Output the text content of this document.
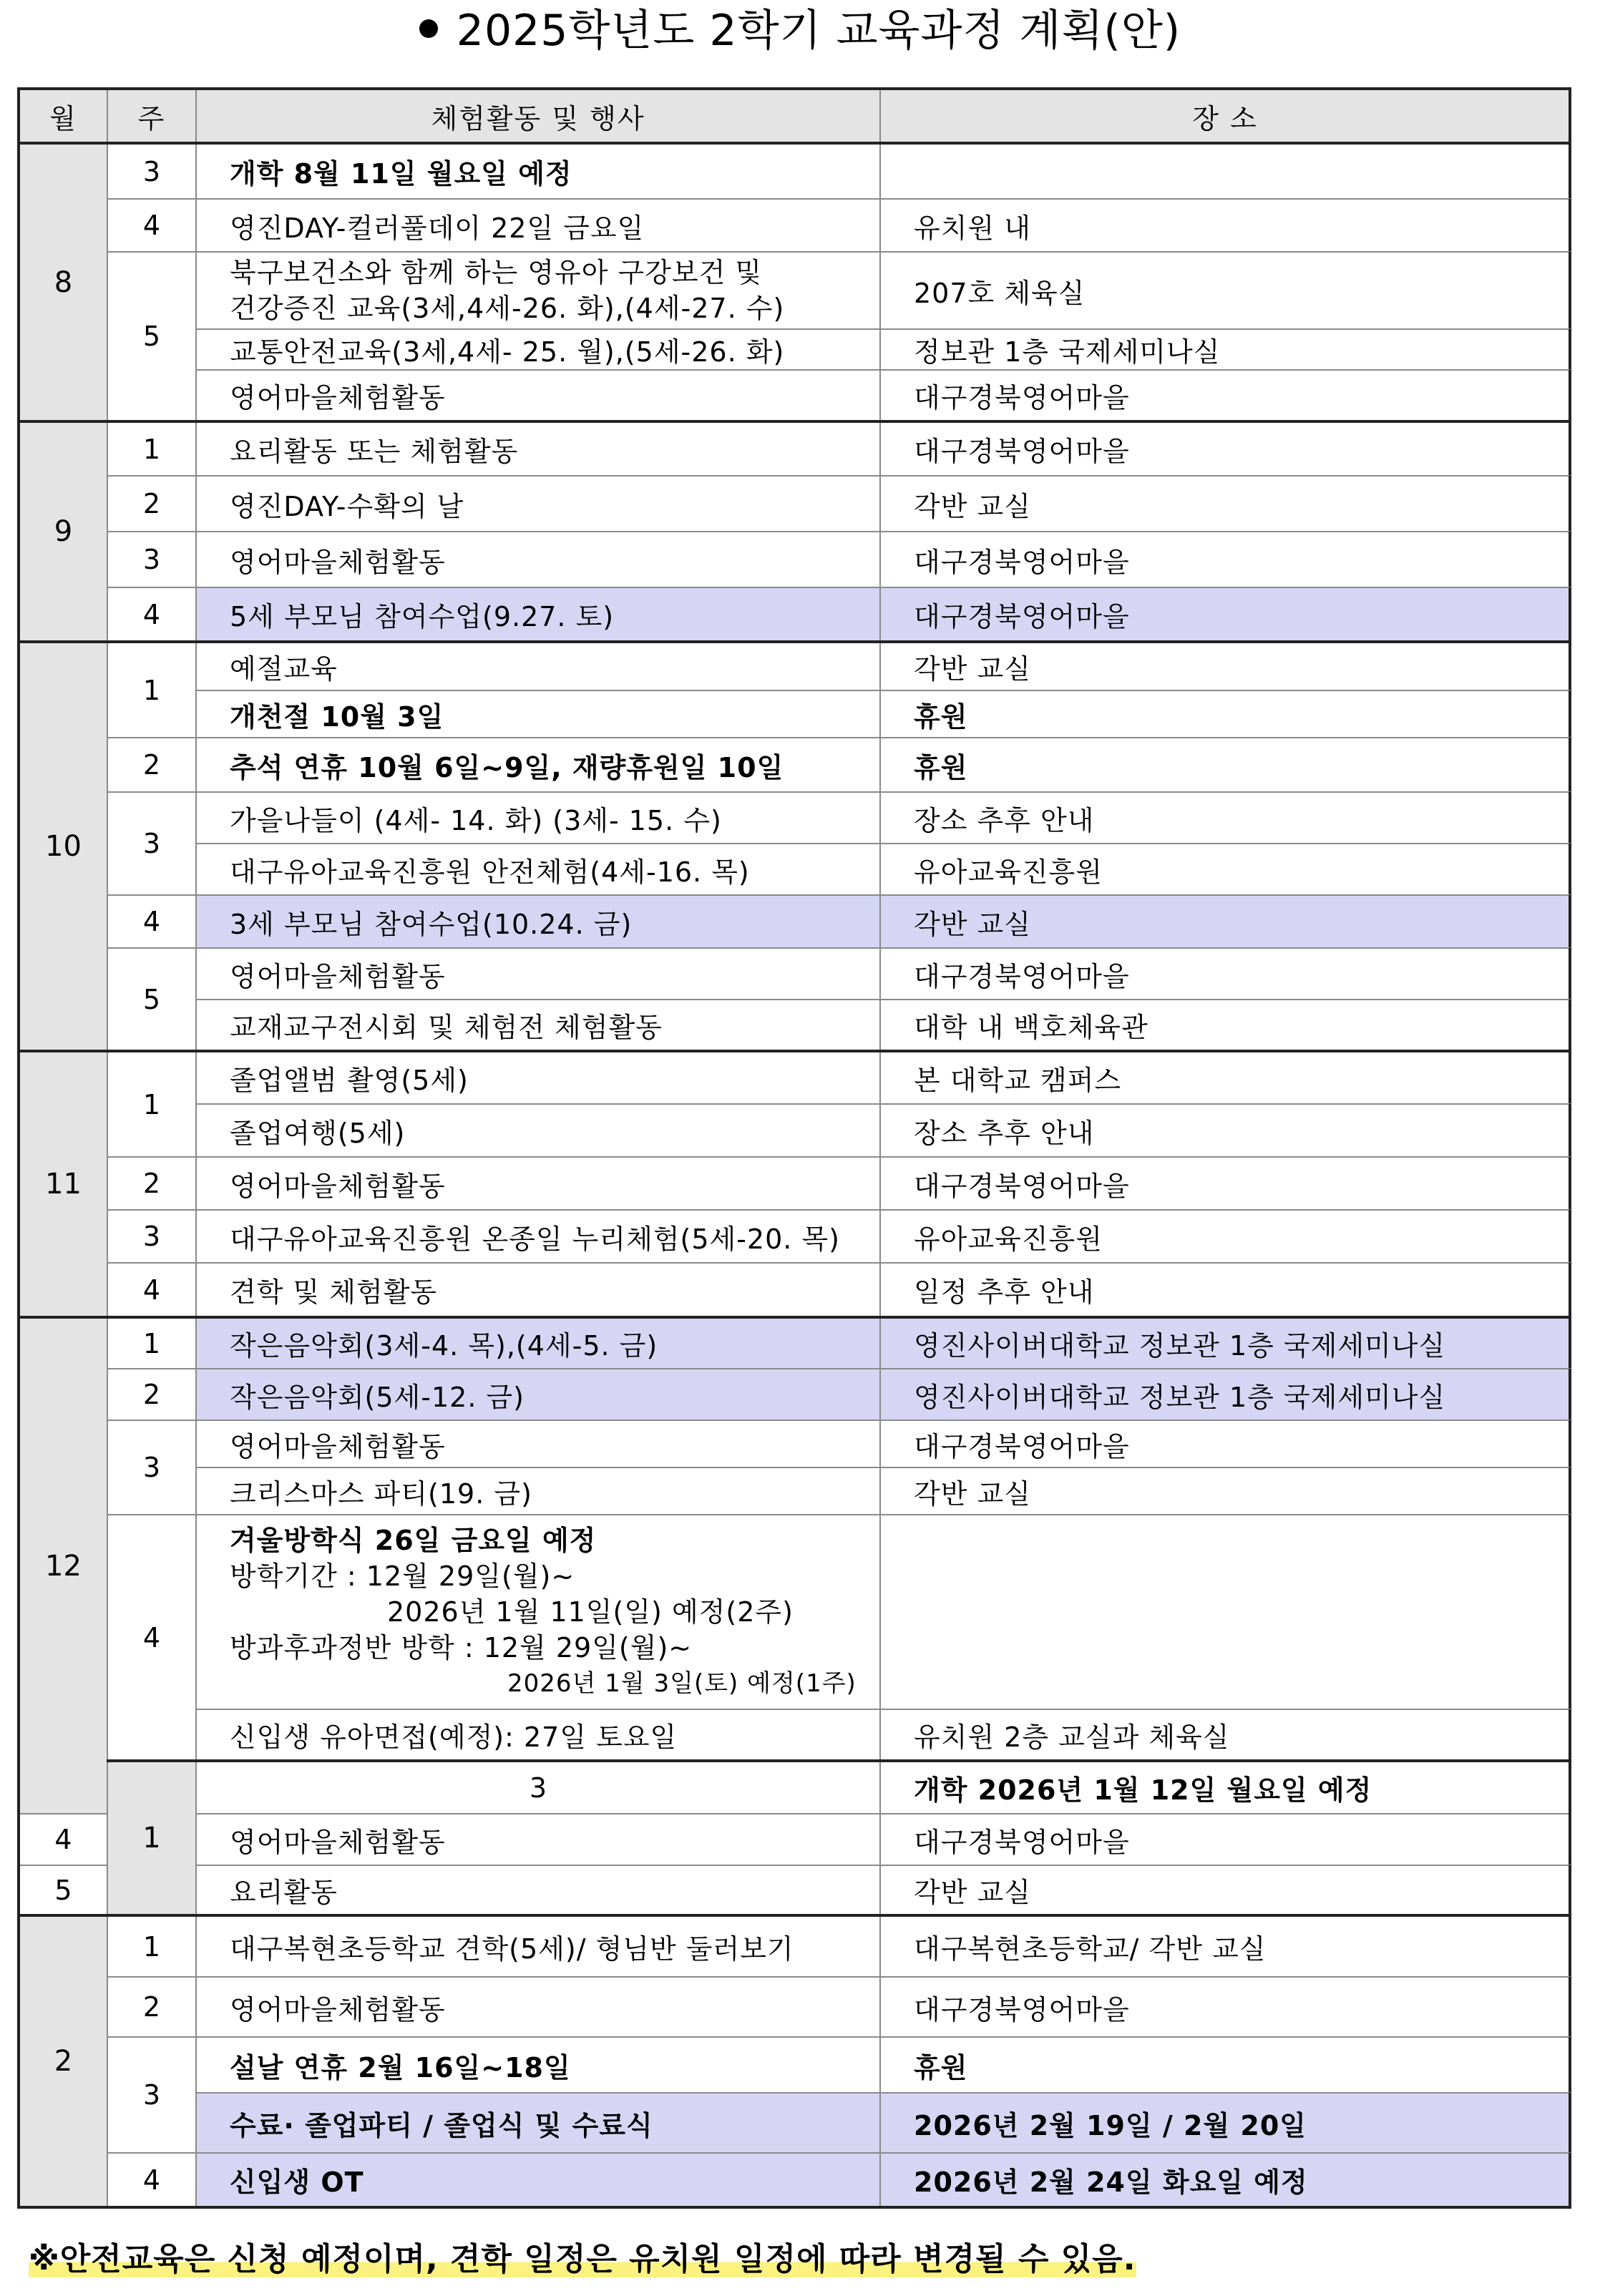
2025학년도 2학기 교육과정 계획(안)
월	주	체험활동 및 행사	장 소	
8	3	개학 8월 11일 월요일 예정		
	4	영진DAY-컬러풀데이 22일 금요일	유치원 내	
	5	북구보건소와 함께 하는 영유아 구강보건 및
건강증진 교육(3세,4세-26. 화),(4세-27. 수)	207호 체육실	
		교통안전교육(3세,4세- 25. 월),(5세-26. 화)	정보관 1층 국제세미나실	
		영어마을체험활동	대구경북영어마을	
9	1	요리활동 또는 체험활동	대구경북영어마을	
	2	영진DAY-수확의 날	각반 교실	
	3	영어마을체험활동	대구경북영어마을	
	4	5세 부모님 참여수업(9.27. 토)	대구경북영어마을	
10	1	예절교육	각반 교실	
		개천절 10월 3일	휴원	
	2	추석 연휴 10월 6일~9일, 재량휴원일 10일	휴원	
	3	가을나들이 (4세- 14. 화) (3세- 15. 수)	장소 추후 안내	
		대구유아교육진흥원 안전체험(4세-16. 목)	유아교육진흥원	
	4	3세 부모님 참여수업(10.24. 금)	각반 교실	
	5	영어마을체험활동	대구경북영어마을	
		교재교구전시회 및 체험전 체험활동	대학 내 백호체육관	
11	1	졸업앨범 촬영(5세)	본 대학교 캠퍼스	
		졸업여행(5세)	장소 추후 안내	
	2	영어마을체험활동	대구경북영어마을	
	3	대구유아교육진흥원 온종일 누리체험(5세-20. 목)	유아교육진흥원	
	4	견학 및 체험활동	일정 추후 안내	
12	1	작은음악회(3세-4. 목),(4세-5. 금)	영진사이버대학교 정보관 1층 국제세미나실	
	2	작은음악회(5세-12. 금)	영진사이버대학교 정보관 1층 국제세미나실	
	3	영어마을체험활동	대구경북영어마을	
		크리스마스 파티(19. 금)	각반 교실	
	4	겨울방학식 26일 금요일 예정
방학기간 : 12월 29일(월)~
2026년 1월 11일(일) 예정(2주)
방과후과정반 방학 : 12월 29일(월)~
2026년 1월 3일(토) 예정(1주)		

		신입생 유아면접(예정): 27일 토요일	유치원 2층 교실과 체육실	
	1	3	개학 2026년 1월 12일 월요일 예정	
4		영어마을체험활동	대구경북영어마을	
5		요리활동	각반 교실	
2	1	대구복현초등학교 견학(5세)/ 형님반 둘러보기	대구복현초등학교/ 각반 교실	
	2	영어마을체험활동	대구경북영어마을	
	3	설날 연휴 2월 16일~18일	휴원	
		수료· 졸업파티 / 졸업식 및 수료식	2026년 2월 19일 / 2월 20일	
	4	신입생 OT	2026년 2월 24일 화요일 예정	
※안전교육은 신청 예정이며, 견학 일정은 유치원 일정에 따라 변경될 수 있음.
